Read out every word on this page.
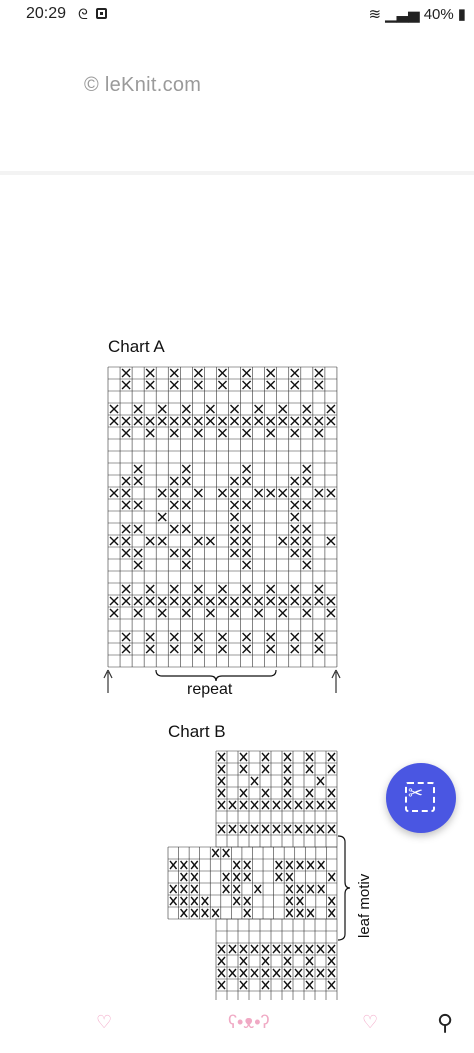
20:29 ᘓ	≋ ▁▃▅ 40% ▮
© leKnit.com
Chart A
repeat
Chart B
leaf motiv
✂
♡	ʕ•ᴥ•ʔ	♡	⚲
